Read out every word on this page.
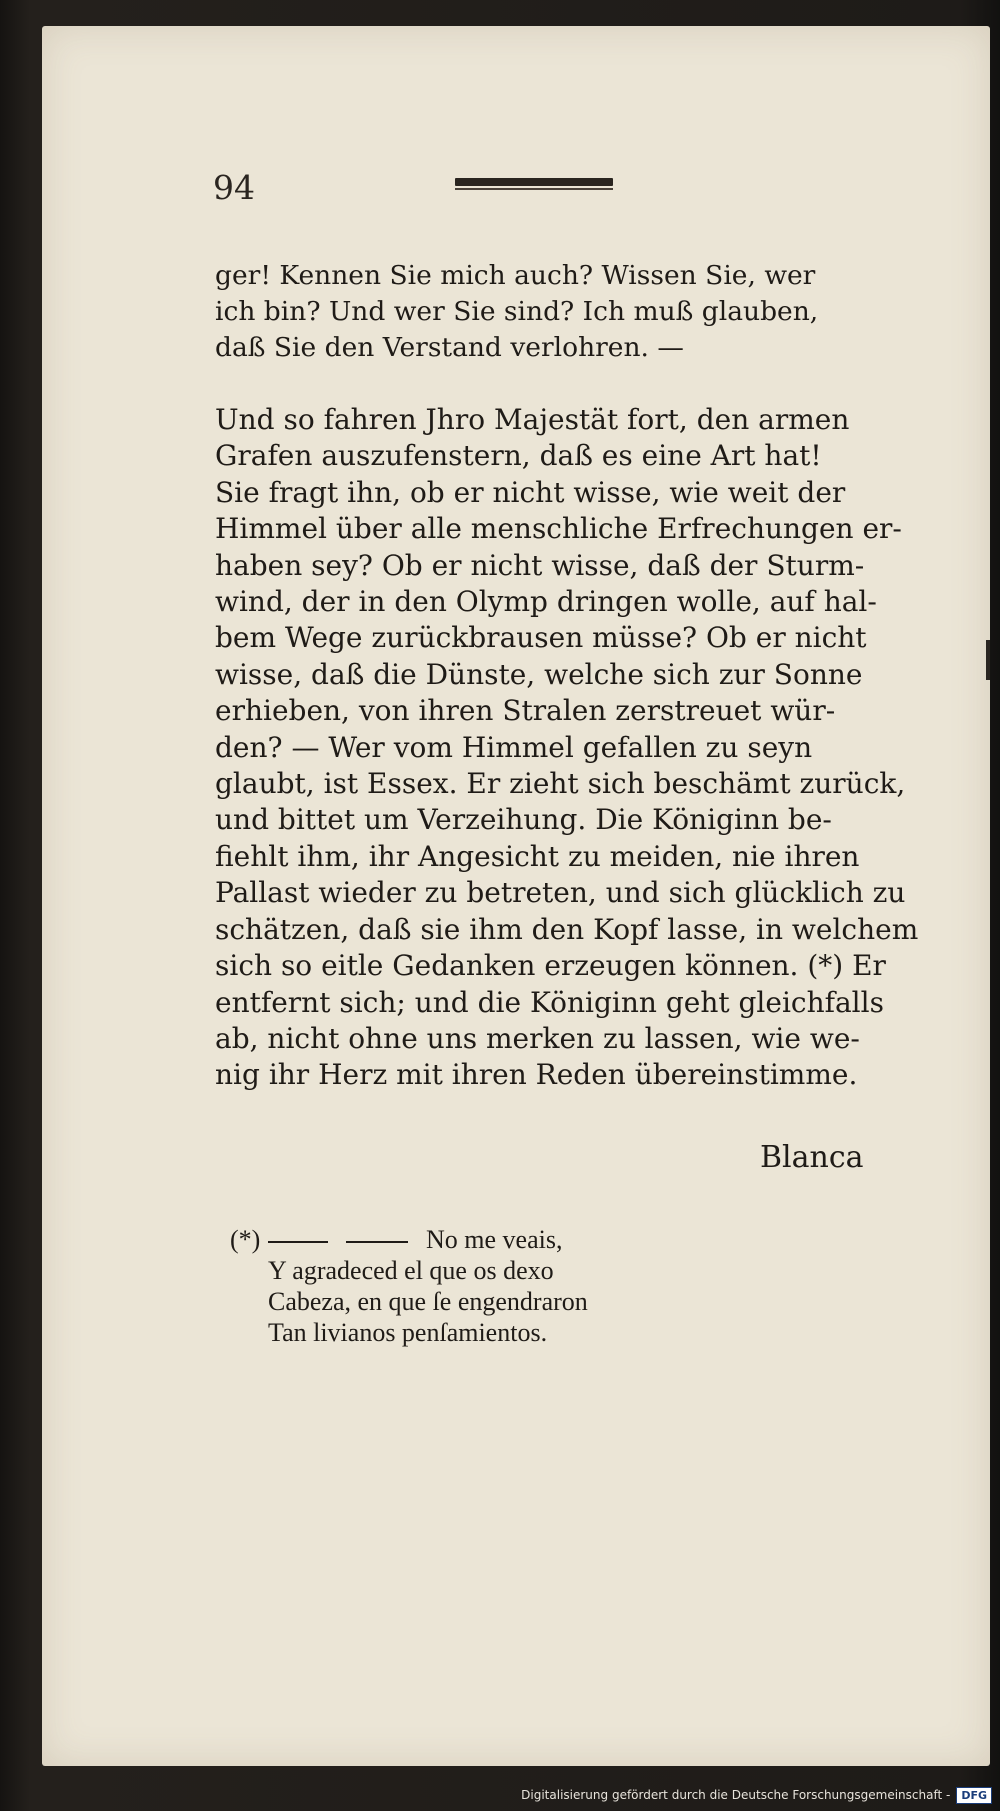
94
ger! Kennen Sie mich auch? Wissen Sie, wer
ich bin? Und wer Sie sind? Ich muß glauben,
daß Sie den Verstand verlohren. —
Und so fahren Jhro Majestät fort, den armen
Grafen auszufenstern, daß es eine Art hat!
Sie fragt ihn, ob er nicht wisse, wie weit der
Himmel über alle menschliche Erfrechungen er-
haben sey? Ob er nicht wisse, daß der Sturm-
wind, der in den Olymp dringen wolle, auf hal-
bem Wege zurückbrausen müsse? Ob er nicht
wisse, daß die Dünste, welche sich zur Sonne
erhieben, von ihren Stralen zerstreuet wür-
den? — Wer vom Himmel gefallen zu seyn
glaubt, ist Essex. Er zieht sich beschämt zurück,
und bittet um Verzeihung. Die Königinn be-
fiehlt ihm, ihr Angesicht zu meiden, nie ihren
Pallast wieder zu betreten, und sich glücklich zu
schätzen, daß sie ihm den Kopf lasse, in welchem
sich so eitle Gedanken erzeugen können. (*) Er
entfernt sich; und die Königinn geht gleichfalls
ab, nicht ohne uns merken zu lassen, wie we-
nig ihr Herz mit ihren Reden übereinstimme.
Blanca
(*)	No me veais,
Y agradeced el que os dexo
Cabeza, en que ſe engendraron
Tan livianos penſamientos.
Digitalisierung gefördert durch die Deutsche Forschungsgemeinschaft -	DFG
